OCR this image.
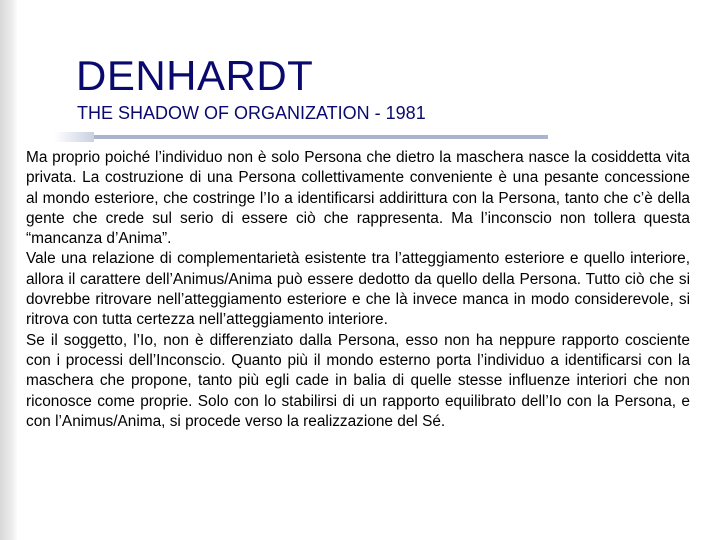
DENHARDT
THE SHADOW OF ORGANIZATION - 1981

Ma proprio poiché l’individuo non è solo Persona che dietro la maschera nasce la cosiddetta vita privata. La costruzione di una Persona collettivamente conveniente è una pesante concessione al mondo esteriore, che costringe l’Io a identificarsi addirittura con la Persona, tanto che c’è della gente che crede sul serio di essere ciò che rappresenta. Ma l’inconscio non tollera questa “mancanza d’Anima”.

Vale una relazione di complementarietà esistente tra l’atteggiamento esteriore e quello interiore, allora il carattere dell’Animus/Anima può essere dedotto da quello della Persona. Tutto ciò che si dovrebbe ritrovare nell’atteggiamento esteriore e che là invece manca in modo considerevole, si ritrova con tutta certezza nell’atteggiamento interiore.

Se il soggetto, l’Io, non è differenziato dalla Persona, esso non ha neppure rapporto cosciente con i processi dell’Inconscio. Quanto più il mondo esterno porta l’individuo a identificarsi con la maschera che propone, tanto più egli cade in balia di quelle stesse influenze interiori che non riconosce come proprie. Solo con lo stabilirsi di un rapporto equilibrato dell’Io con la Persona, e con l’Animus/Anima, si procede verso la realizzazione del Sé.
